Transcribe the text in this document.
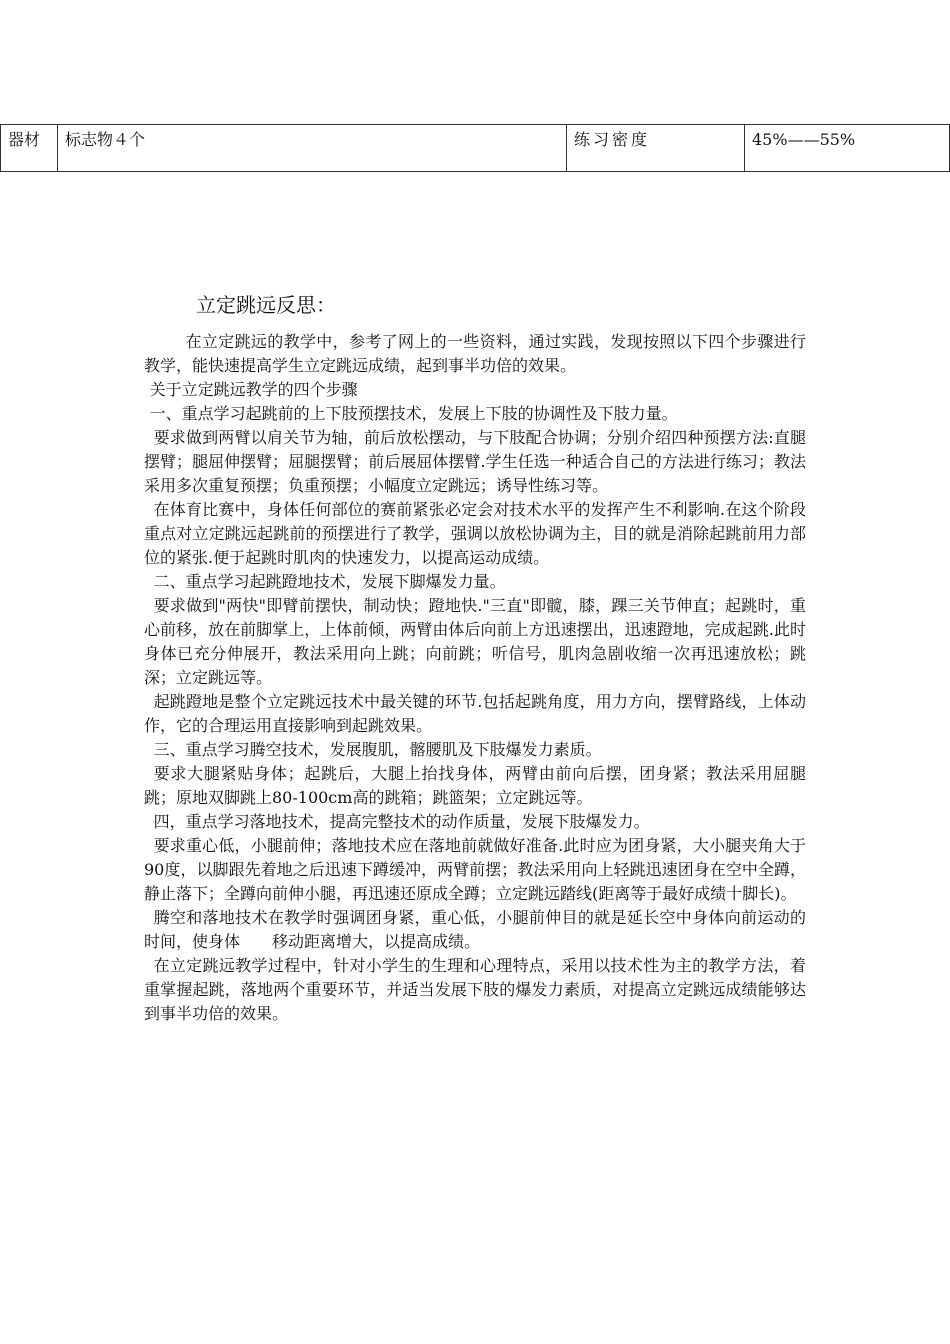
器材	标志物４个	练习密度	45%——55%
立定跳远反思：

在立定跳远的教学中，参考了网上的一些资料，通过实践，发现按照以下四个步骤进行教学，能快速提高学生立定跳远成绩，起到事半功倍的效果。

关于立定跳远教学的四个步骤

一、重点学习起跳前的上下肢预摆技术，发展上下肢的协调性及下肢力量。

要求做到两臂以肩关节为轴，前后放松摆动，与下肢配合协调；分别介绍四种预摆方法:直腿摆臂；腿屈伸摆臂；屈腿摆臂；前后展屈体摆臂.学生任选一种适合自己的方法进行练习；教法采用多次重复预摆；负重预摆；小幅度立定跳远；诱导性练习等。

在体育比赛中，身体任何部位的赛前紧张必定会对技术水平的发挥产生不利影响.在这个阶段重点对立定跳远起跳前的预摆进行了教学，强调以放松协调为主，目的就是消除起跳前用力部位的紧张.便于起跳时肌肉的快速发力，以提高运动成绩。

二、重点学习起跳蹬地技术，发展下脚爆发力量。

要求做到"两快"即臂前摆快，制动快；蹬地快."三直"即髋，膝，踝三关节伸直；起跳时，重心前移，放在前脚掌上，上体前倾，两臂由体后向前上方迅速摆出，迅速蹬地，完成起跳.此时身体已充分伸展开，教法采用向上跳；向前跳；听信号，肌肉急剧收缩一次再迅速放松；跳深；立定跳远等。

起跳蹬地是整个立定跳远技术中最关键的环节.包括起跳角度，用力方向，摆臂路线，上体动作，它的合理运用直接影响到起跳效果。

三、重点学习腾空技术，发展腹肌，髂腰肌及下肢爆发力素质。

要求大腿紧贴身体；起跳后，大腿上抬找身体，两臂由前向后摆，团身紧；教法采用屈腿跳；原地双脚跳上80-100cm高的跳箱；跳篮架；立定跳远等。

四，重点学习落地技术，提高完整技术的动作质量，发展下肢爆发力。

要求重心低，小腿前伸；落地技术应在落地前就做好准备.此时应为团身紧，大小腿夹角大于90度，以脚跟先着地之后迅速下蹲缓冲，两臂前摆；教法采用向上轻跳迅速团身在空中全蹲，静止落下；全蹲向前伸小腿，再迅速还原成全蹲；立定跳远踏线(距离等于最好成绩十脚长)。

腾空和落地技术在教学时强调团身紧，重心低，小腿前伸目的就是延长空中身体向前运动的时间，使身体　　移动距离增大，以提高成绩。

在立定跳远教学过程中，针对小学生的生理和心理特点，采用以技术性为主的教学方法，着重掌握起跳，落地两个重要环节，并适当发展下肢的爆发力素质，对提高立定跳远成绩能够达到事半功倍的效果。
